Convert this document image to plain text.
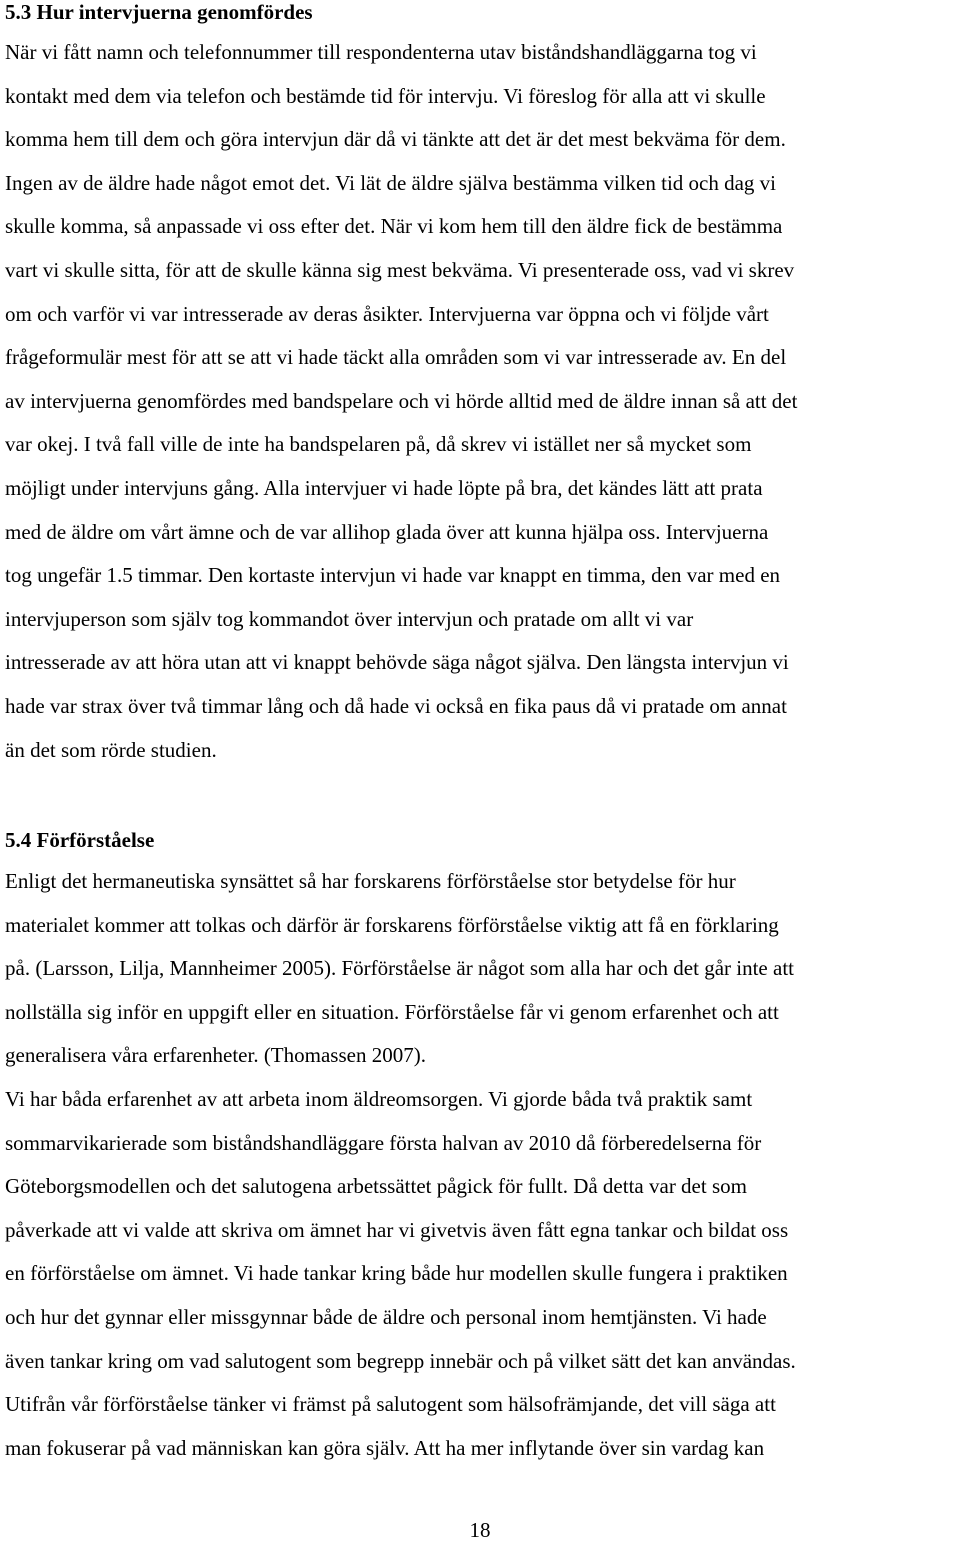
5.3 Hur intervjuerna genomfördes
När vi fått namn och telefonnummer till respondenterna utav biståndshandläggarna tog vi
kontakt med dem via telefon och bestämde tid för intervju. Vi föreslog för alla att vi skulle
komma hem till dem och göra intervjun där då vi tänkte att det är det mest bekväma för dem.
Ingen av de äldre hade något emot det. Vi lät de äldre själva bestämma vilken tid och dag vi
skulle komma, så anpassade vi oss efter det. När vi kom hem till den äldre fick de bestämma
vart vi skulle sitta, för att de skulle känna sig mest bekväma. Vi presenterade oss, vad vi skrev
om och varför vi var intresserade av deras åsikter. Intervjuerna var öppna och vi följde vårt
frågeformulär mest för att se att vi hade täckt alla områden som vi var intresserade av. En del
av intervjuerna genomfördes med bandspelare och vi hörde alltid med de äldre innan så att det
var okej. I två fall ville de inte ha bandspelaren på, då skrev vi istället ner så mycket som
möjligt under intervjuns gång. Alla intervjuer vi hade löpte på bra, det kändes lätt att prata
med de äldre om vårt ämne och de var allihop glada över att kunna hjälpa oss. Intervjuerna
tog ungefär 1.5 timmar. Den kortaste intervjun vi hade var knappt en timma, den var med en
intervjuperson som själv tog kommandot över intervjun och pratade om allt vi var
intresserade av att höra utan att vi knappt behövde säga något själva. Den längsta intervjun vi
hade var strax över två timmar lång och då hade vi också en fika paus då vi pratade om annat
än det som rörde studien.
5.4 Förförståelse
Enligt det hermaneutiska synsättet så har forskarens förförståelse stor betydelse för hur
materialet kommer att tolkas och därför är forskarens förförståelse viktig att få en förklaring
på. (Larsson, Lilja, Mannheimer 2005). Förförståelse är något som alla har och det går inte att
nollställa sig inför en uppgift eller en situation. Förförståelse får vi genom erfarenhet och att
generalisera våra erfarenheter. (Thomassen 2007).
Vi har båda erfarenhet av att arbeta inom äldreomsorgen. Vi gjorde båda två praktik samt
sommarvikarierade som biståndshandläggare första halvan av 2010 då förberedelserna för
Göteborgsmodellen och det salutogena arbetssättet pågick för fullt. Då detta var det som
påverkade att vi valde att skriva om ämnet har vi givetvis även fått egna tankar och bildat oss
en förförståelse om ämnet. Vi hade tankar kring både hur modellen skulle fungera i praktiken
och hur det gynnar eller missgynnar både de äldre och personal inom hemtjänsten. Vi hade
även tankar kring om vad salutogent som begrepp innebär och på vilket sätt det kan användas.
Utifrån vår förförståelse tänker vi främst på salutogent som hälsofrämjande, det vill säga att
man fokuserar på vad människan kan göra själv. Att ha mer inflytande över sin vardag kan
18
